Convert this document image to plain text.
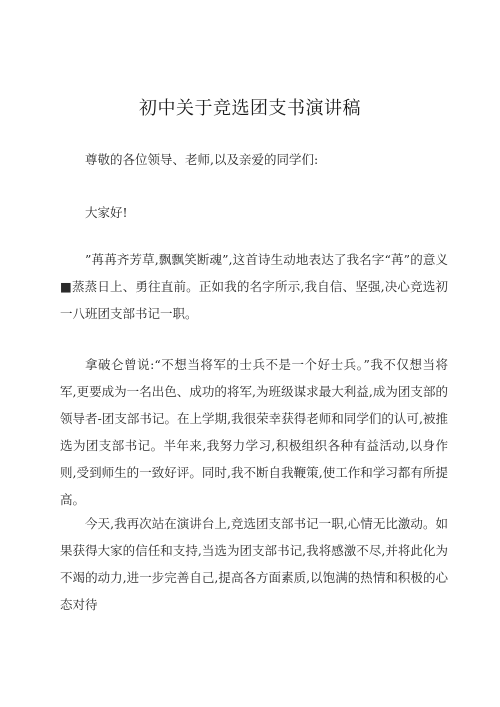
初中关于竞选团支书演讲稿

尊敬的各位领导、老师,以及亲爱的同学们:

大家好!

”苒苒齐芳草,飘飘笑断魂”,这首诗生动地表达了我名字“苒”的意义■蒸蒸日上、勇往直前。正如我的名字所示,我自信、坚强,决心竞选初一八班团支部书记一职。

拿破仑曾说:“不想当将军的士兵不是一个好士兵。”我不仅想当将军,更要成为一名出色、成功的将军,为班级谋求最大利益,成为团支部的领导者-团支部书记。在上学期,我很荣幸获得老师和同学们的认可,被推选为团支部书记。半年来,我努力学习,积极组织各种有益活动,以身作则,受到师生的一致好评。同时,我不断自我鞭策,使工作和学习都有所提高。

今天,我再次站在演讲台上,竞选团支部书记一职,心情无比激动。如果获得大家的信任和支持,当选为团支部书记,我将感激不尽,并将此化为不竭的动力,进一步完善自己,提高各方面素质,以饱满的热情和积极的心态对待
